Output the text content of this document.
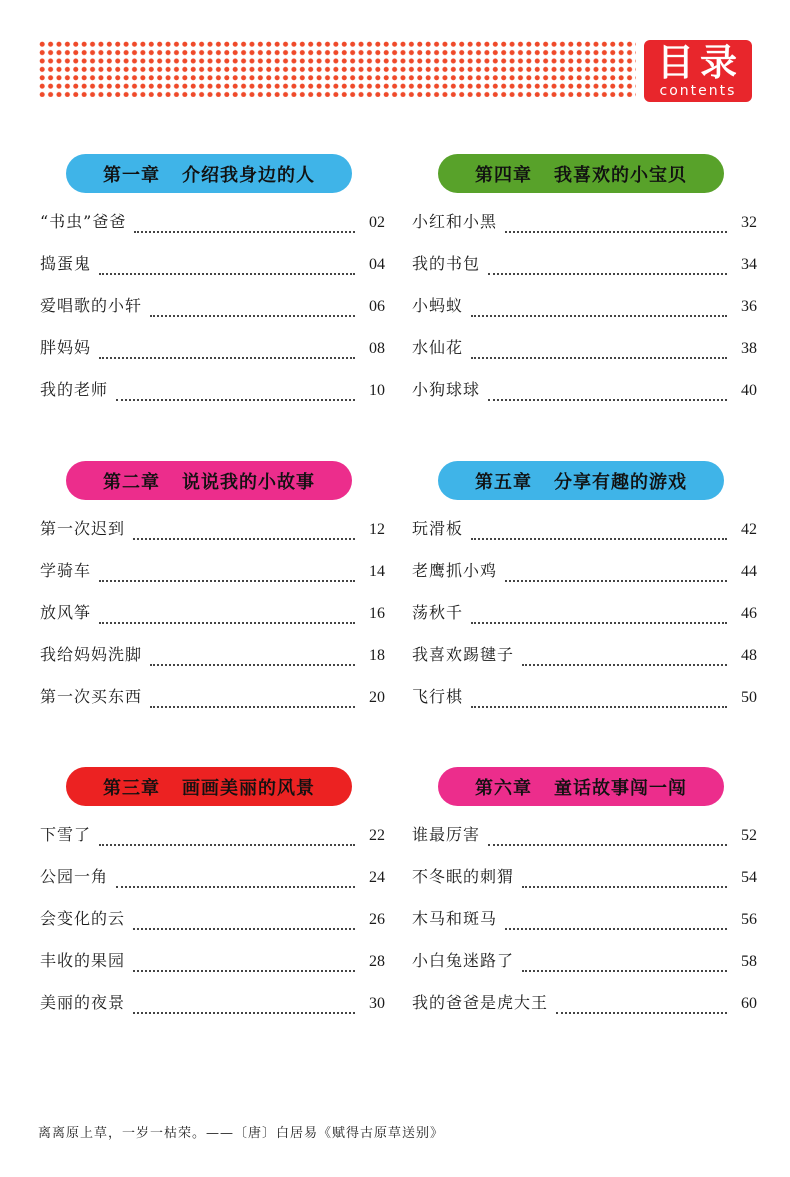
目录
contents
第一章 介绍我身边的人
“书虫”爸爸	02
捣蛋鬼	04
爱唱歌的小轩	06
胖妈妈	08
我的老师	10
第二章 说说我的小故事
第一次迟到	12
学骑车	14
放风筝	16
我给妈妈洗脚	18
第一次买东西	20
第三章 画画美丽的风景
下雪了	22
公园一角	24
会变化的云	26
丰收的果园	28
美丽的夜景	30
第四章 我喜欢的小宝贝
小红和小黑	32
我的书包	34
小蚂蚁	36
水仙花	38
小狗球球	40
第五章 分享有趣的游戏
玩滑板	42
老鹰抓小鸡	44
荡秋千	46
我喜欢踢毽子	48
飞行棋	50
第六章 童话故事闯一闯
谁最厉害	52
不冬眠的刺猬	54
木马和斑马	56
小白兔迷路了	58
我的爸爸是虎大王	60
离离原上草，一岁一枯荣。——〔唐〕白居易《赋得古原草送别》
